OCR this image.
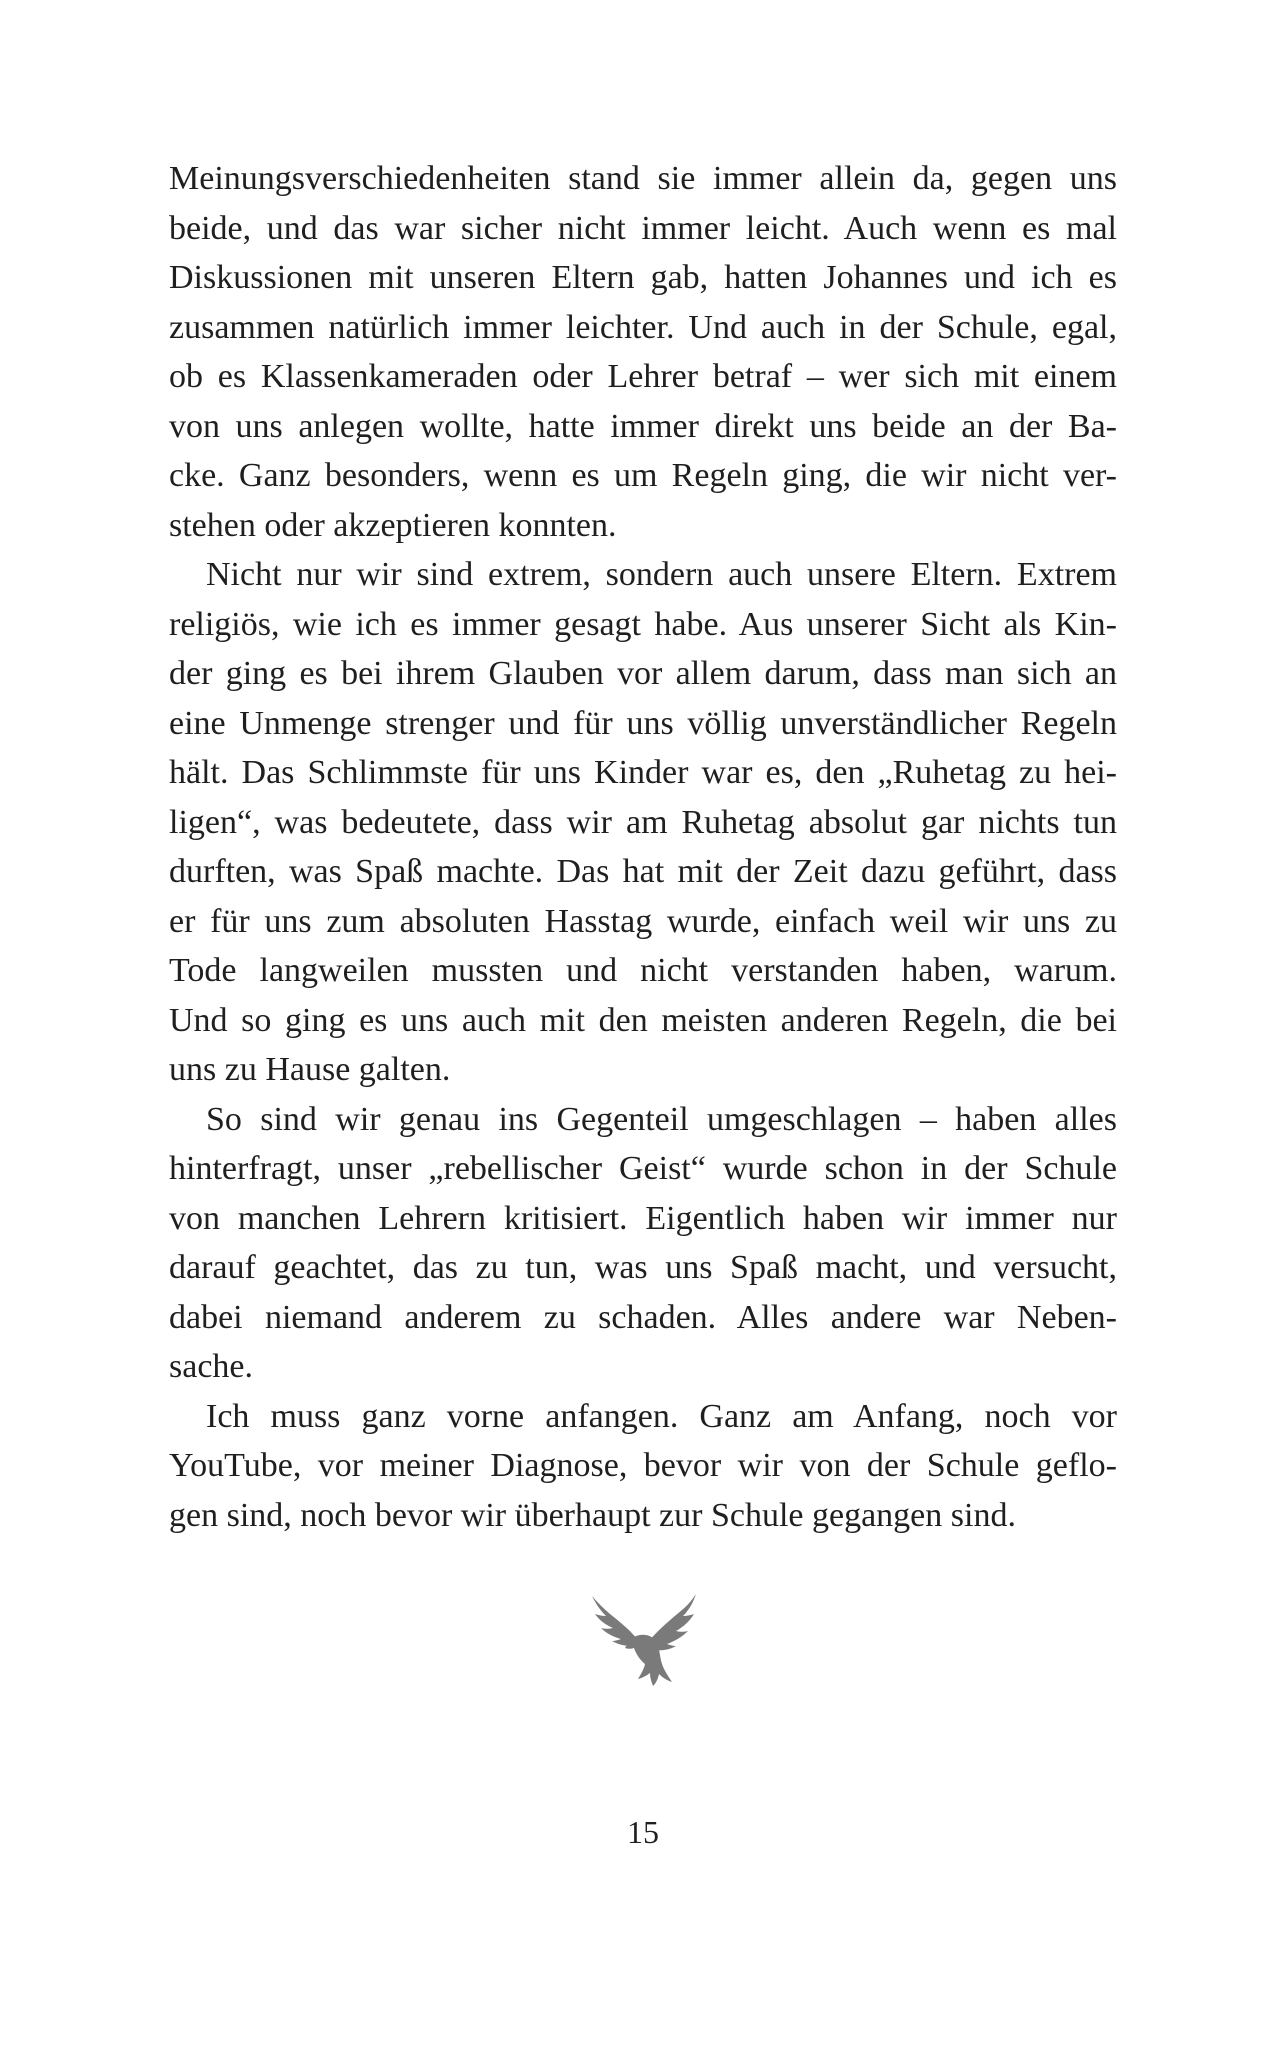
Meinungsverschiedenheiten stand sie immer allein da, gegen uns
beide, und das war sicher nicht immer leicht. Auch wenn es mal
Diskussionen mit unseren Eltern gab, hatten Johannes und ich es
zusammen natürlich immer leichter. Und auch in der Schule, egal,
ob es Klassenkameraden oder Lehrer betraf – wer sich mit einem
von uns anlegen wollte, hatte immer direkt uns beide an der Ba-
cke. Ganz besonders, wenn es um Regeln ging, die wir nicht ver-
stehen oder akzeptieren konnten.
Nicht nur wir sind extrem, sondern auch unsere Eltern. Extrem
religiös, wie ich es immer gesagt habe. Aus unserer Sicht als Kin-
der ging es bei ihrem Glauben vor allem darum, dass man sich an
eine Unmenge strenger und für uns völlig unverständlicher Regeln
hält. Das Schlimmste für uns Kinder war es, den „Ruhetag zu hei-
ligen“, was bedeutete, dass wir am Ruhetag absolut gar nichts tun
durften, was Spaß machte. Das hat mit der Zeit dazu geführt, dass
er für uns zum absoluten Hasstag wurde, einfach weil wir uns zu
Tode langweilen mussten und nicht verstanden haben, warum.
Und so ging es uns auch mit den meisten anderen Regeln, die bei
uns zu Hause galten.
So sind wir genau ins Gegenteil umgeschlagen – haben alles
hinterfragt, unser „rebellischer Geist“ wurde schon in der Schule
von manchen Lehrern kritisiert. Eigentlich haben wir immer nur
darauf geachtet, das zu tun, was uns Spaß macht, und versucht,
dabei niemand anderem zu schaden. Alles andere war Neben-
sache.
Ich muss ganz vorne anfangen. Ganz am Anfang, noch vor
YouTube, vor meiner Diagnose, bevor wir von der Schule geflo-
gen sind, noch bevor wir überhaupt zur Schule gegangen sind.
15
